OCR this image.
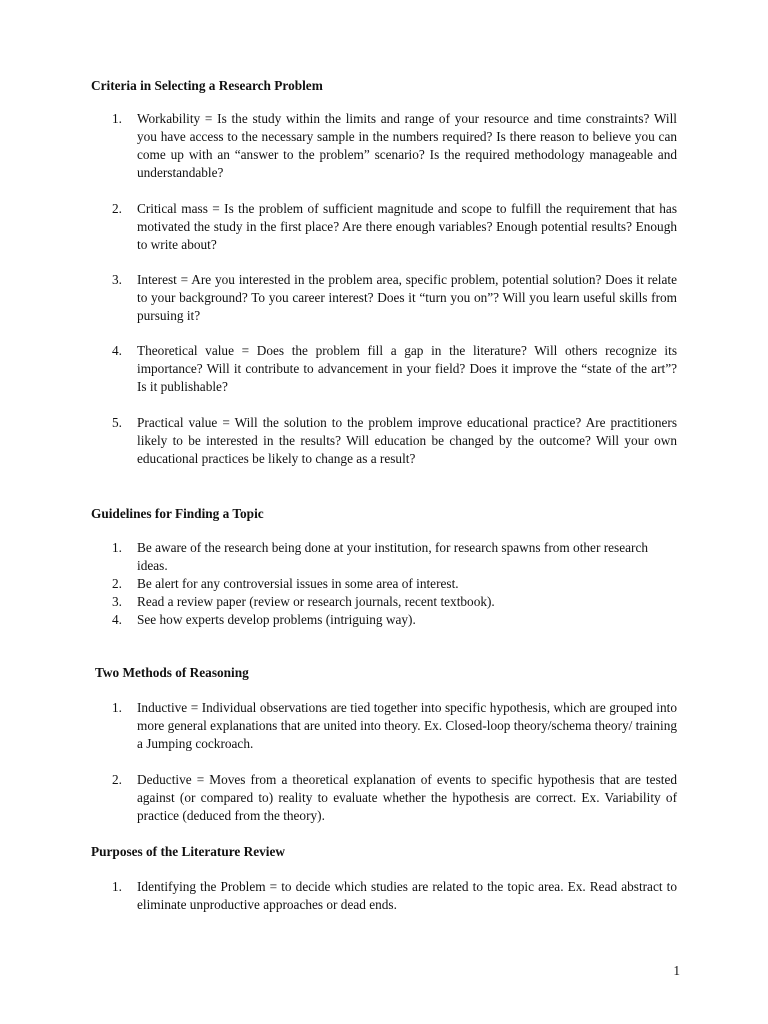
Criteria in Selecting a Research Problem
1.	Workability = Is the study within the limits and range of your resource and time constraints? Will you have access to the necessary sample in the numbers required? Is there reason to believe you can come up with an “answer to the problem” scenario? Is the required methodology manageable and understandable?
2.	Critical mass = Is the problem of sufficient magnitude and scope to fulfill the requirement that has motivated the study in the first place? Are there enough variables? Enough potential results? Enough to write about?
3.	Interest = Are you interested in the problem area, specific problem, potential solution? Does it relate to your background? To you career interest? Does it “turn you on”? Will you learn useful skills from pursuing it?
4.	Theoretical value = Does the problem fill a gap in the literature? Will others recognize its importance? Will it contribute to advancement in your field? Does it improve the “state of the art”? Is it publishable?
5.	Practical value = Will the solution to the problem improve educational practice? Are practitioners likely to be interested in the results? Will education be changed by the outcome? Will your own educational practices be likely to change as a result?
Guidelines for Finding a Topic
1.	Be aware of the research being done at your institution, for research spawns from other research ideas.
2.	Be alert for any controversial issues in some area of interest.
3.	Read a review paper (review or research journals, recent textbook).
4.	See how experts develop problems (intriguing way).
Two Methods of Reasoning
1.	Inductive = Individual observations are tied together into specific hypothesis, which are grouped into more general explanations that are united into theory. Ex. Closed-loop theory/schema theory/ training a Jumping cockroach.
2.	Deductive = Moves from a theoretical explanation of events to specific hypothesis that are tested against (or compared to) reality to evaluate whether the hypothesis are correct. Ex. Variability of practice (deduced from the theory).
Purposes of the Literature Review
1.	Identifying the Problem = to decide which studies are related to the topic area. Ex. Read abstract to eliminate unproductive approaches or dead ends.
1
